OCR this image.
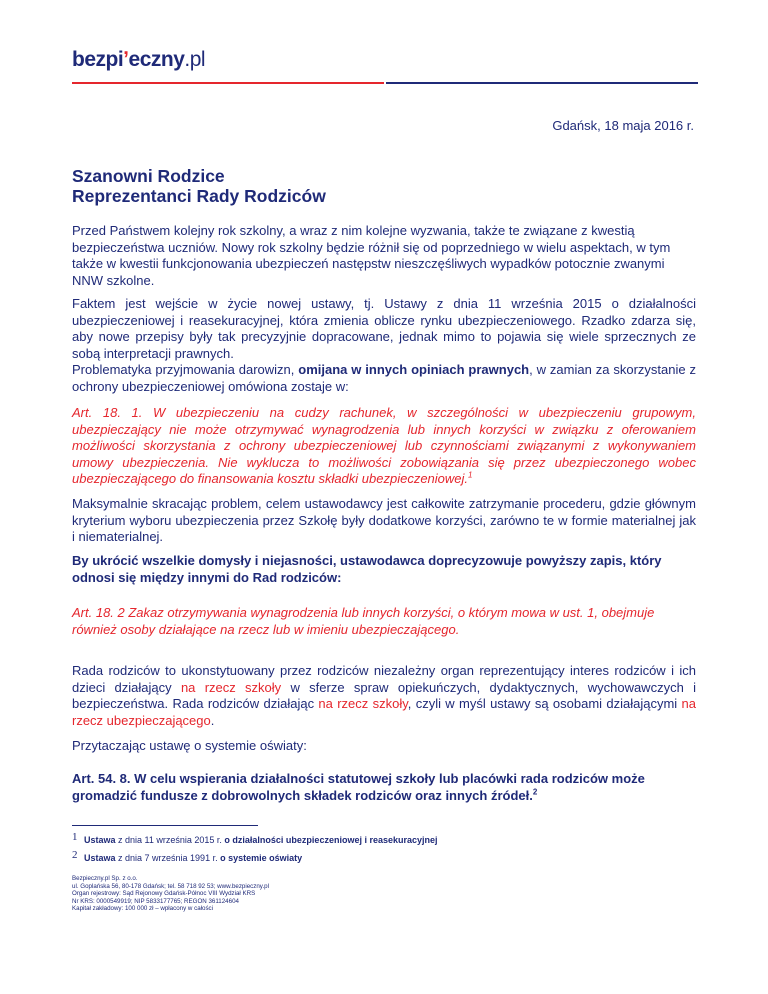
bezpiʼeczny.pl
Gdańsk, 18 maja 2016 r.
Szanowni Rodzice
Reprezentanci Rady Rodziców
Przed Państwem kolejny rok szkolny, a wraz z nim kolejne wyzwania, także te związane z kwestią bezpieczeństwa uczniów. Nowy rok szkolny będzie różnił się od poprzedniego w wielu aspektach, w tym także w kwestii funkcjonowania ubezpieczeń następstw nieszczęśliwych wypadków potocznie zwanymi NNW szkolne.
Faktem jest wejście w życie nowej ustawy, tj. Ustawy z dnia 11 września 2015 o działalności ubezpieczeniowej i reasekuracyjnej, która zmienia oblicze rynku ubezpieczeniowego. Rzadko zdarza się, aby nowe przepisy były tak precyzyjnie dopracowane, jednak mimo to pojawia się wiele sprzecznych ze sobą interpretacji prawnych.
Problematyka przyjmowania darowizn, omijana w innych opiniach prawnych, w zamian za skorzystanie z ochrony ubezpieczeniowej omówiona zostaje w:
Art. 18. 1. W ubezpieczeniu na cudzy rachunek, w szczególności w ubezpieczeniu grupowym, ubezpieczający nie może otrzymywać wynagrodzenia lub innych korzyści w związku z oferowaniem możliwości skorzystania z ochrony ubezpieczeniowej lub czynnościami związanymi z wykonywaniem umowy ubezpieczenia. Nie wyklucza to możliwości zobowiązania się przez ubezpieczonego wobec ubezpieczającego do finansowania kosztu składki ubezpieczeniowej.$^1$
Maksymalnie skracając problem, celem ustawodawcy jest całkowite zatrzymanie procederu, gdzie głównym kryterium wyboru ubezpieczenia przez Szkołę były dodatkowe korzyści, zarówno te w formie materialnej jak i niematerialnej.
By ukrócić wszelkie domysły i niejasności, ustawodawca doprecyzowuje powyższy zapis, który odnosi się między innymi do Rad rodziców:
Art. 18. 2 Zakaz otrzymywania wynagrodzenia lub innych korzyści, o którym mowa w ust. 1, obejmuje również osoby działające na rzecz lub w imieniu ubezpieczającego.
Rada rodziców to ukonstytuowany przez rodziców niezależny organ reprezentujący interes rodziców i ich dzieci działający na rzecz szkoły w sferze spraw opiekuńczych, dydaktycznych, wychowawczych i bezpieczeństwa. Rada rodziców działając na rzecz szkoły, czyli w myśl ustawy są osobami działającymi na rzecz ubezpieczającego.
Przytaczając ustawę o systemie oświaty:
Art. 54. 8. W celu wspierania działalności statutowej szkoły lub placówki rada rodziców może gromadzić fundusze z dobrowolnych składek rodziców oraz innych źródeł.$^2$
1 Ustawa z dnia 11 września 2015 r. o działalności ubezpieczeniowej i reasekuracyjnej
2 Ustawa z dnia 7 września 1991 r. o systemie oświaty
Bezpieczny.pl Sp. z o.o.
ul. Goplańska 56, 80-178 Gdańsk; tel. 58 718 92 53; www.bezpieczny.pl
Organ rejestrowy: Sąd Rejonowy Gdańsk-Północ VIII Wydział KRS
Nr KRS: 0000549919; NIP 5833177765; REGON 361124604
Kapitał zakładowy: 100 000 zł – wpłacony w całości
